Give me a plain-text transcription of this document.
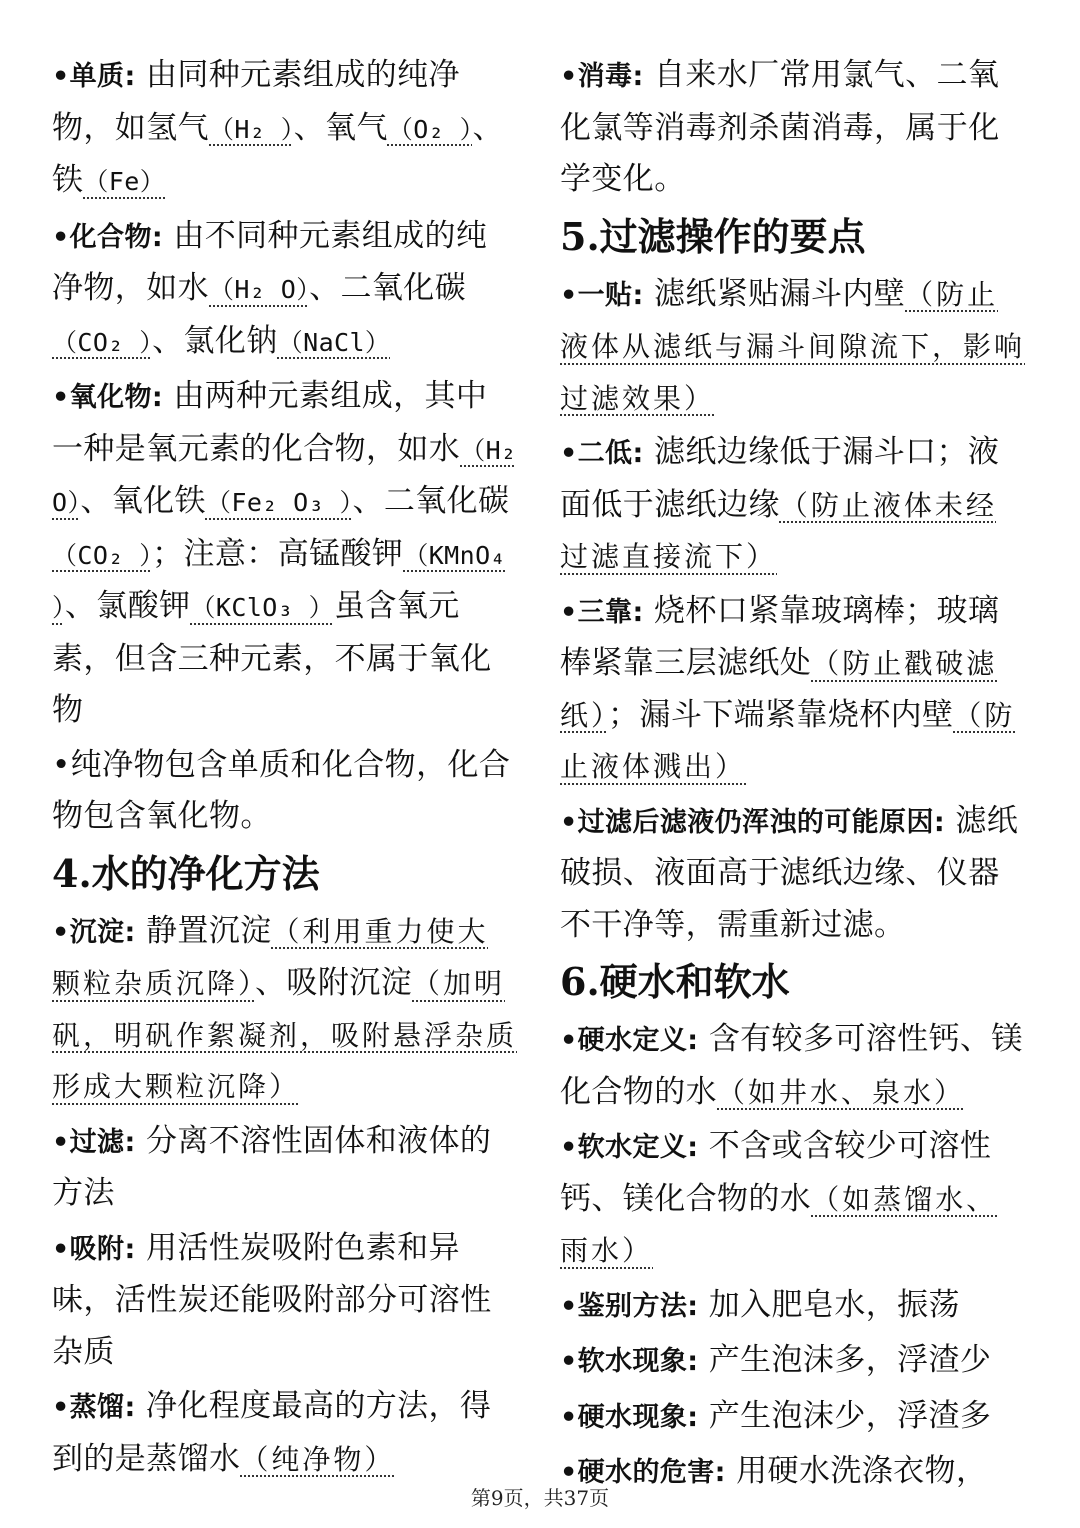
•单质: 由同种元素组成的纯净物，如氢气（H₂ ）、氧气（O₂ ）、铁（Fe）

•化合物: 由不同种元素组成的纯净物，如水（H₂ O）、二氧化碳（CO₂ ）、氯化钠（NaCl）

•氧化物: 由两种元素组成，其中一种是氧元素的化合物，如水（H₂ O）、氧化铁（Fe₂ O₃ ）、二氧化碳（CO₂ ）；注意：高锰酸钾（KMnO₄ ）、氯酸钾（KClO₃ ）虽含氧元素，但含三种元素，不属于氧化物

•纯净物包含单质和化合物，化合物包含氧化物。

4.水的净化方法

•沉淀: 静置沉淀（利用重力使大颗粒杂质沉降）、吸附沉淀（加明矾，明矾作絮凝剂，吸附悬浮杂质形成大颗粒沉降）

•过滤: 分离不溶性固体和液体的方法

•吸附: 用活性炭吸附色素和异味，活性炭还能吸附部分可溶性杂质

•蒸馏: 净化程度最高的方法，得到的是蒸馏水（纯净物）

•消毒: 自来水厂常用氯气、二氧化氯等消毒剂杀菌消毒，属于化学变化。

5.过滤操作的要点

•一贴: 滤纸紧贴漏斗内壁（防止液体从滤纸与漏斗间隙流下，影响过滤效果）

•二低: 滤纸边缘低于漏斗口；液面低于滤纸边缘（防止液体未经过滤直接流下）

•三靠: 烧杯口紧靠玻璃棒；玻璃棒紧靠三层滤纸处（防止戳破滤纸）；漏斗下端紧靠烧杯内壁（防止液体溅出）

•过滤后滤液仍浑浊的可能原因: 滤纸破损、液面高于滤纸边缘、仪器不干净等，需重新过滤。

6.硬水和软水

•硬水定义: 含有较多可溶性钙、镁化合物的水（如井水、泉水）

•软水定义: 不含或含较少可溶性钙、镁化合物的水（如蒸馏水、雨水）

•鉴别方法: 加入肥皂水，振荡

•软水现象: 产生泡沫多，浮渣少

•硬水现象: 产生泡沫少，浮渣多

•硬水的危害: 用硬水洗涤衣物，

第9页，共37页
